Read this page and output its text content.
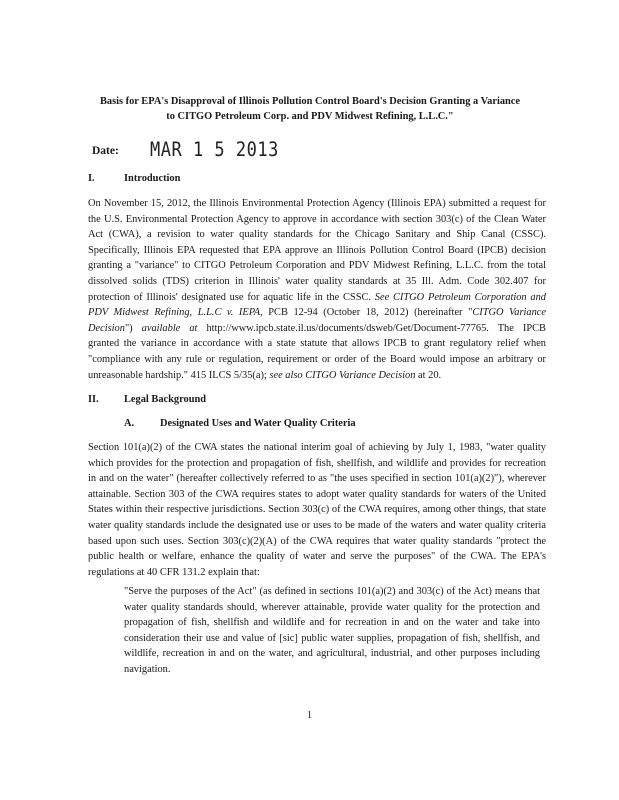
Basis for EPA's Disapproval of Illinois Pollution Control Board's Decision Granting a Variance to CITGO Petroleum Corp. and PDV Midwest Refining, L.L.C."
Date: MAR 1 5 2013
I.	Introduction
On November 15, 2012, the Illinois Environmental Protection Agency (Illinois EPA) submitted a request for the U.S. Environmental Protection Agency to approve in accordance with section 303(c) of the Clean Water Act (CWA), a revision to water quality standards for the Chicago Sanitary and Ship Canal (CSSC). Specifically, Illinois EPA requested that EPA approve an Illinois Pollution Control Board (IPCB) decision granting a "variance" to CITGO Petroleum Corporation and PDV Midwest Refining, L.L.C. from the total dissolved solids (TDS) criterion in Illinois' water quality standards at 35 Ill. Adm. Code 302.407 for protection of Illinois' designated use for aquatic life in the CSSC. See CITGO Petroleum Corporation and PDV Midwest Refining, L.L.C v. IEPA, PCB 12-94 (October 18, 2012) (hereinafter "CITGO Variance Decision") available at http://www.ipcb.state.il.us/documents/dsweb/Get/Document-77765. The IPCB granted the variance in accordance with a state statute that allows IPCB to grant regulatory relief when "compliance with any rule or regulation, requirement or order of the Board would impose an arbitrary or unreasonable hardship." 415 ILCS 5/35(a); see also CITGO Variance Decision at 20.
II. Legal Background
A. Designated Uses and Water Quality Criteria
Section 101(a)(2) of the CWA states the national interim goal of achieving by July 1, 1983, "water quality which provides for the protection and propagation of fish, shellfish, and wildlife and provides for recreation in and on the water" (hereafter collectively referred to as "the uses specified in section 101(a)(2)"), wherever attainable. Section 303 of the CWA requires states to adopt water quality standards for waters of the United States within their respective jurisdictions. Section 303(c) of the CWA requires, among other things, that state water quality standards include the designated use or uses to be made of the waters and water quality criteria based upon such uses. Section 303(c)(2)(A) of the CWA requires that water quality standards "protect the public health or welfare, enhance the quality of water and serve the purposes" of the CWA. The EPA's regulations at 40 CFR 131.2 explain that:
"Serve the purposes of the Act" (as defined in sections 101(a)(2) and 303(c) of the Act) means that water quality standards should, wherever attainable, provide water quality for the protection and propagation of fish, shellfish and wildlife and for recreation in and on the water and take into consideration their use and value of [sic] public water supplies, propagation of fish, shellfish, and wildlife, recreation in and on the water, and agricultural, industrial, and other purposes including navigation.
1
